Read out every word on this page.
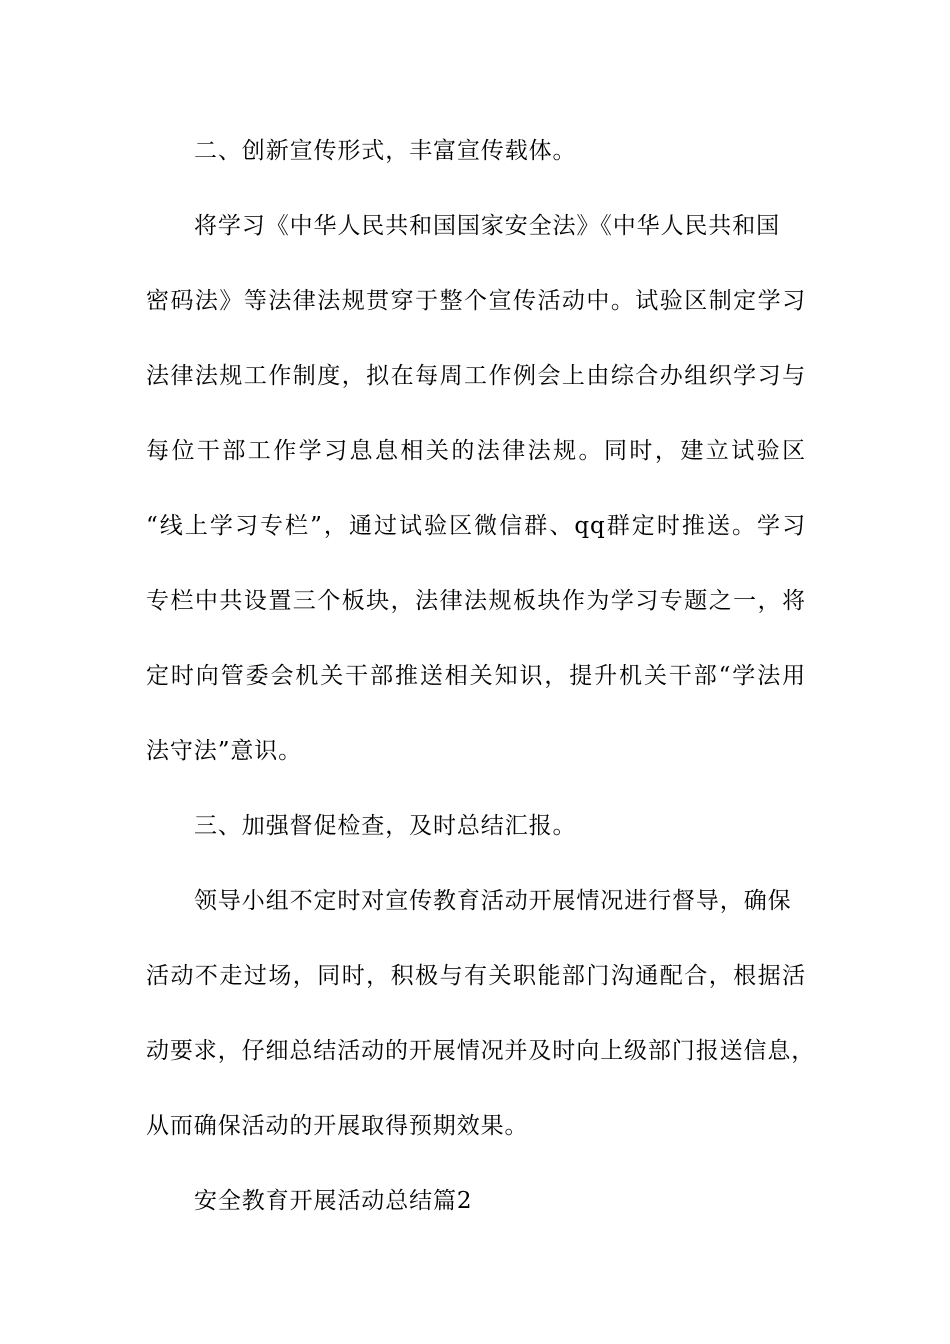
二、创新宣传形式，丰富宣传载体。
将学习《中华人民共和国国家安全法》《中华人民共和国
密码法》等法律法规贯穿于整个宣传活动中。试验区制定学习
法律法规工作制度，拟在每周工作例会上由综合办组织学习与
每位干部工作学习息息相关的法律法规。同时，建立试验区
“线上学习专栏”，通过试验区微信群、qq群定时推送。学习
专栏中共设置三个板块，法律法规板块作为学习专题之一，将
定时向管委会机关干部推送相关知识，提升机关干部“学法用
法守法”意识。
三、加强督促检查，及时总结汇报。
领导小组不定时对宣传教育活动开展情况进行督导，确保
活动不走过场，同时，积极与有关职能部门沟通配合，根据活
动要求，仔细总结活动的开展情况并及时向上级部门报送信息，
从而确保活动的开展取得预期效果。
安全教育开展活动总结篇2
